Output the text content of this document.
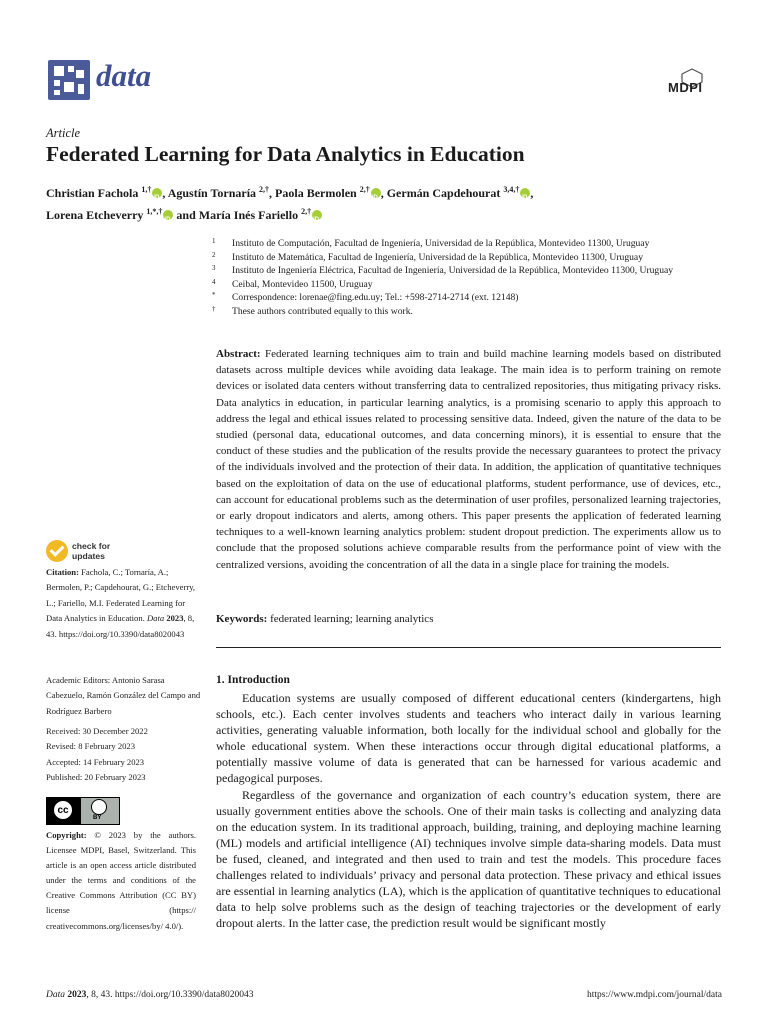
data	MDPI
Article
Federated Learning for Data Analytics in Education
Christian Fachola $^{1,\dagger}$ iD , Agustín Tornaría $^{2,\dagger}$, Paola Bermolen $^{2,\dagger}$ iD , Germán Capdehourat $^{3,4,\dagger}$ iD ,
Lorena Etcheverry $^{1,*,\dagger}$iD and María Inés Fariello $^{2,\dagger}$iD
1 Instituto de Computación, Facultad de Ingeniería, Universidad de la República, Montevideo 11300, Uruguay
2 Instituto de Matemática, Facultad de Ingeniería, Universidad de la República, Montevideo 11300, Uruguay
3 Instituto de Ingeniería Eléctrica, Facultad de Ingeniería, Universidad de la República, Montevideo 11300, Uruguay
4 Ceibal, Montevideo 11500, Uruguay
* Correspondence: lorenae@fing.edu.uy; Tel.: +598-2714-2714 (ext. 12148)
† These authors contributed equally to this work.
Abstract: Federated learning techniques aim to train and build machine learning models based on distributed datasets across multiple devices while avoiding data leakage. The main idea is to perform training on remote devices or isolated data centers without transferring data to centralized repositories, thus mitigating privacy risks. Data analytics in education, in particular learning analytics, is a promising scenario to apply this approach to address the legal and ethical issues related to processing sensitive data. Indeed, given the nature of the data to be studied (personal data, educational outcomes, and data concerning minors), it is essential to ensure that the conduct of these studies and the publication of the results provide the necessary guarantees to protect the privacy of the individuals involved and the protection of their data. In addition, the application of quantitative techniques based on the exploitation of data on the use of educational platforms, student performance, use of devices, etc., can account for educational problems such as the determination of user profiles, personalized learning trajectories, or early dropout indicators and alerts, among others. This paper presents the application of federated learning techniques to a well-known learning analytics problem: student dropout prediction. The experiments allow us to conclude that the proposed solutions achieve comparable results from the performance point of view with the centralized versions, avoiding the concentration of all the data in a single place for training the models.
Keywords: federated learning; learning analytics
1. Introduction

Education systems are usually composed of different educational centers (kindergartens, high schools, etc.). Each center involves students and teachers who interact daily in various learning activities, generating valuable information, both locally for the individual school and globally for the whole educational system. When these interactions occur through digital educational platforms, a potentially massive volume of data is generated that can be harnessed for various academic and pedagogical purposes.

Regardless of the governance and organization of each country’s education system, there are usually government entities above the schools. One of their main tasks is collecting and analyzing data on the education system. In its traditional approach, building, training, and deploying machine learning (ML) models and artificial intelligence (AI) techniques involve simple data-sharing models. Data must be fused, cleaned, and integrated and then used to train and test the models. This procedure faces challenges related to individuals’ privacy and personal data protection. These privacy and ethical issues are essential in learning analytics (LA), which is the application of quantitative techniques to educational data to help solve problems such as the design of teaching trajectories or the development of early dropout alerts. In the latter case, the prediction result would be significant mostly

check for
updates
Citation: Fachola, C.; Tornaría, A.; Bermolen, P.; Capdehourat, G.; Etcheverry, L.; Fariello, M.I. Federated Learning for Data Analytics in Education. Data 2023, 8, 43. https://doi.org/10.3390/data8020043
Academic Editors: Antonio Sarasa Cabezuelo, Ramón González del Campo and Rodríguez Barbero
Received: 30 December 2022
Revised: 8 February 2023
Accepted: 14 February 2023
Published: 20 February 2023
cc
BY
Copyright: © 2023 by the authors. Licensee MDPI, Basel, Switzerland. This article is an open access article distributed under the terms and conditions of the Creative Commons Attribution (CC BY) license (https:// creativecommons.org/licenses/by/ 4.0/).
Data 2023, 8, 43. https://doi.org/10.3390/data8020043	https://www.mdpi.com/journal/data
